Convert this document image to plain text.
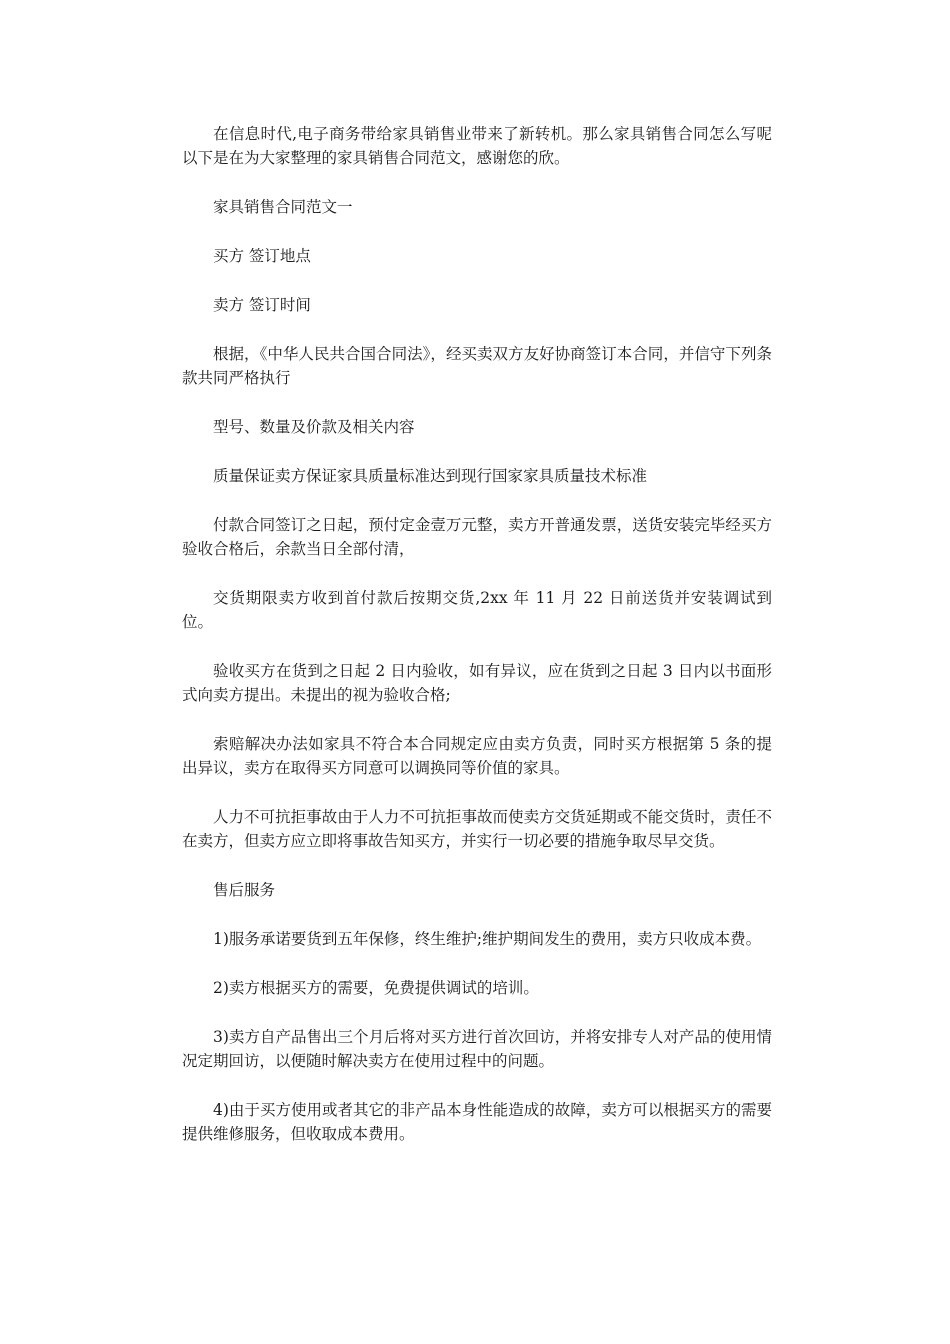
在信息时代,电子商务带给家具销售业带来了新转机。那么家具销售合同怎么写呢以下是在为大家整理的家具销售合同范文，感谢您的欣。

家具销售合同范文一

买方 签订地点

卖方 签订时间

根据，《中华人民共合国合同法》，经买卖双方友好协商签订本合同，并信守下列条款共同严格执行

型号、数量及价款及相关内容

质量保证卖方保证家具质量标准达到现行国家家具质量技术标准

付款合同签订之日起，预付定金壹万元整，卖方开普通发票，送货安装完毕经买方验收合格后，余款当日全部付清，

交货期限卖方收到首付款后按期交货,2xx 年 11 月 22 日前送货并安装调试到位。

验收买方在货到之日起 2 日内验收，如有异议，应在货到之日起 3 日内以书面形式向卖方提出。未提出的视为验收合格;

索赔解决办法如家具不符合本合同规定应由卖方负责，同时买方根据第 5 条的提出异议，卖方在取得买方同意可以调换同等价值的家具。

人力不可抗拒事故由于人力不可抗拒事故而使卖方交货延期或不能交货时，责任不在卖方，但卖方应立即将事故告知买方，并实行一切必要的措施争取尽早交货。

售后服务

1)服务承诺要货到五年保修，终生维护;维护期间发生的费用，卖方只收成本费。

2)卖方根据买方的需要，免费提供调试的培训。

3)卖方自产品售出三个月后将对买方进行首次回访，并将安排专人对产品的使用情况定期回访，以便随时解决卖方在使用过程中的问题。

4)由于买方使用或者其它的非产品本身性能造成的故障，卖方可以根据买方的需要提供维修服务，但收取成本费用。
